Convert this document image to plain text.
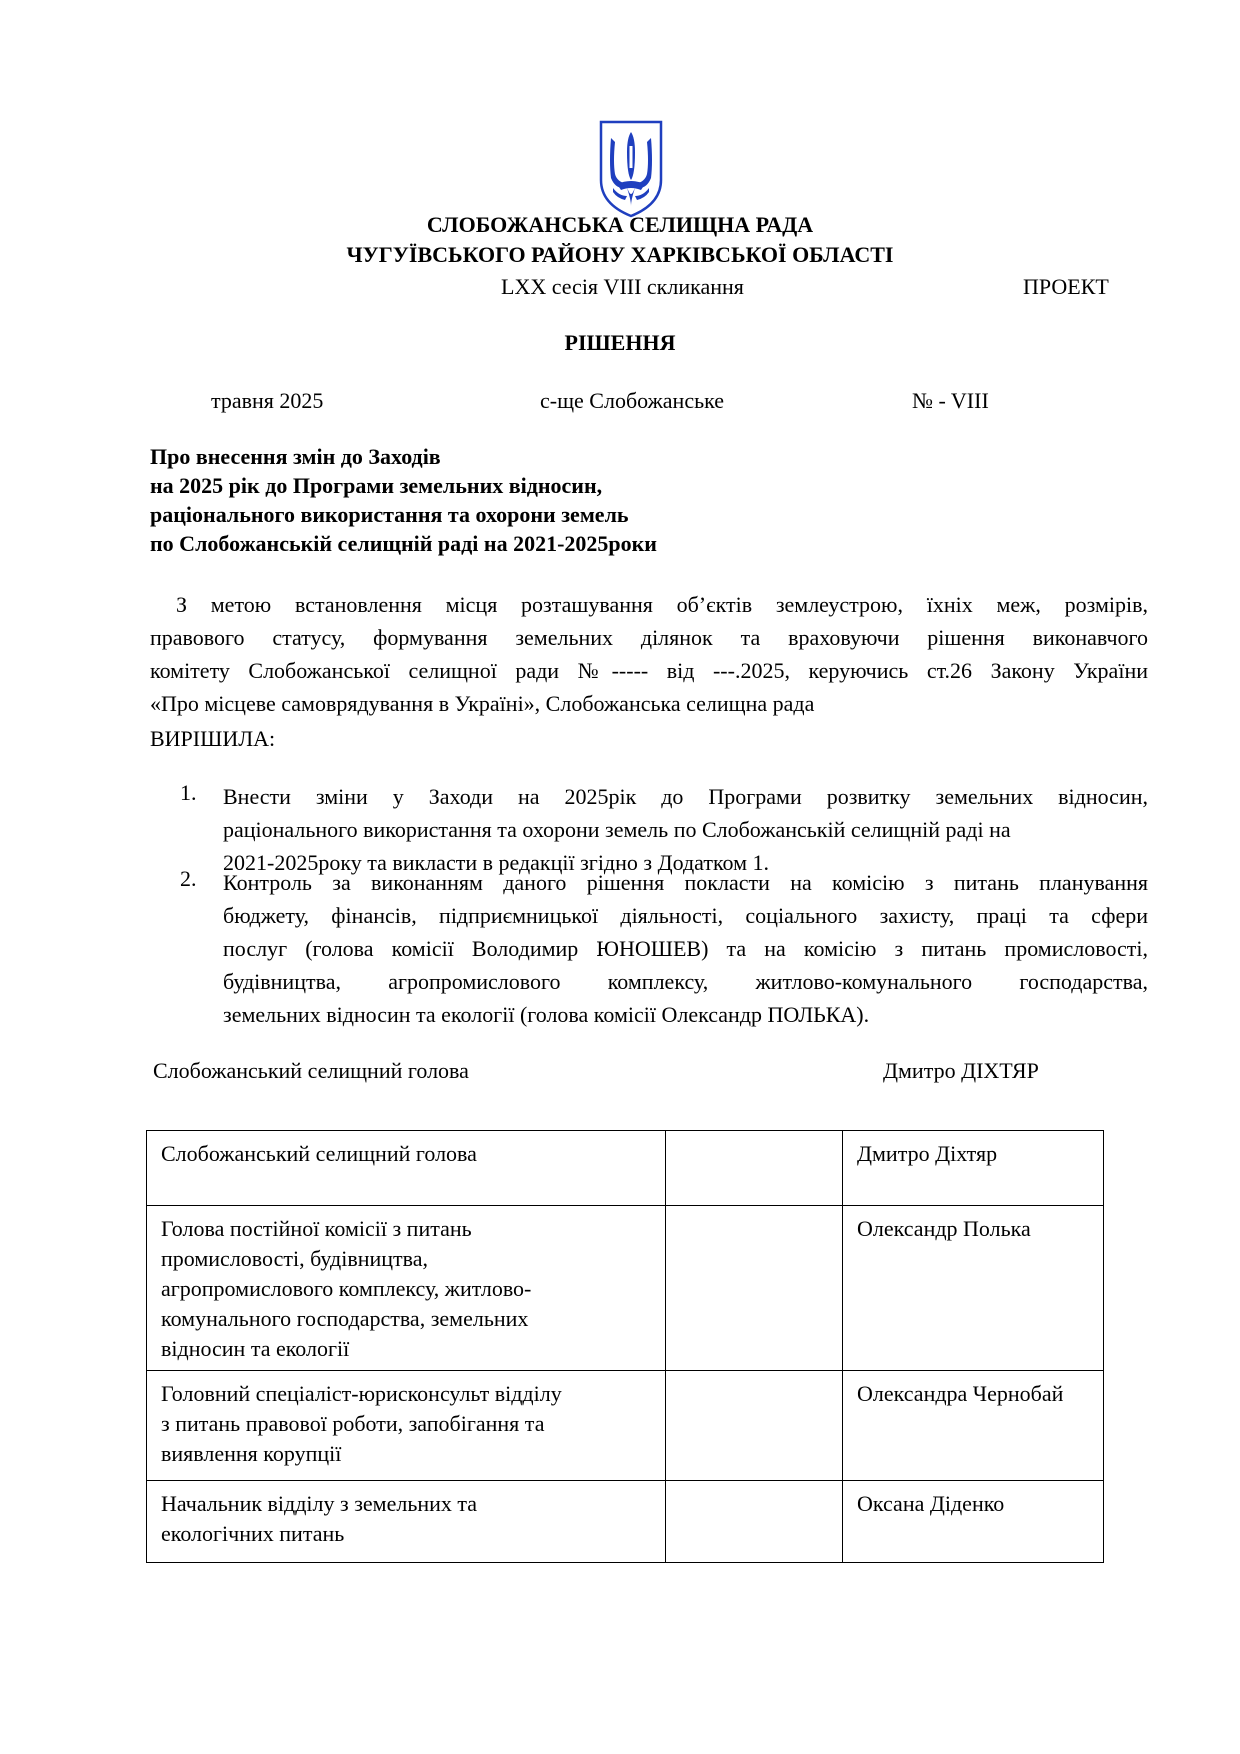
СЛОБОЖАНСЬКА СЕЛИЩНА РАДА
ЧУГУЇВСЬКОГО РАЙОНУ ХАРКІВСЬКОЇ ОБЛАСТІ
LXX сесія VIII скликання	ПРОЕКТ
РІШЕННЯ
травня 2025	с-ще Слобожанське	№ - VIII
Про внесення змін до Заходів
на 2025 рік до Програми земельних відносин,
раціонального використання та охорони земель
по Слобожанській селищній раді на 2021-2025роки
З метою встановлення місця розташування об’єктів землеустрою, їхніх меж, розмірів,
правового статусу, формування земельних ділянок та враховуючи рішення виконавчого
комітету Слобожанської селищної ради №----- від ---.2025, керуючись ст.26 Закону України
«Про місцеве самоврядування в Україні», Слобожанська селищна рада
ВИРІШИЛА:
1. Внести зміни у Заходи на 2025рік до Програми розвитку земельних відносин,
раціонального використання та охорони земель по Слобожанській селищній раді на
2021-2025року та викласти в редакції згідно з Додатком 1.
2. Контроль за виконанням даного рішення покласти на комісію з питань планування
бюджету, фінансів, підприємницької діяльності, соціального захисту, праці та сфери
послуг (голова комісії Володимир ЮНОШЕВ) та на комісію з питань промисловості,
будівництва, агропромислового комплексу, житлово-комунального господарства,
земельних відносин та екології (голова комісії Олександр ПОЛЬКА).
Слобожанський селищний голова	Дмитро ДІХТЯР
Слобожанський селищний голова		Дмитро Діхтяр

Голова постійної комісії з питань
промисловості, будівництва,
агропромислового комплексу, житлово-
комунального господарства, земельних
відносин та екології		Олександр Полька

Головний спеціаліст-юрисконсульт відділу
з питань правової роботи, запобігання та
виявлення корупції		Олександра Чернобай

Начальник відділу з земельних та
екологічних питань		Оксана Діденко
